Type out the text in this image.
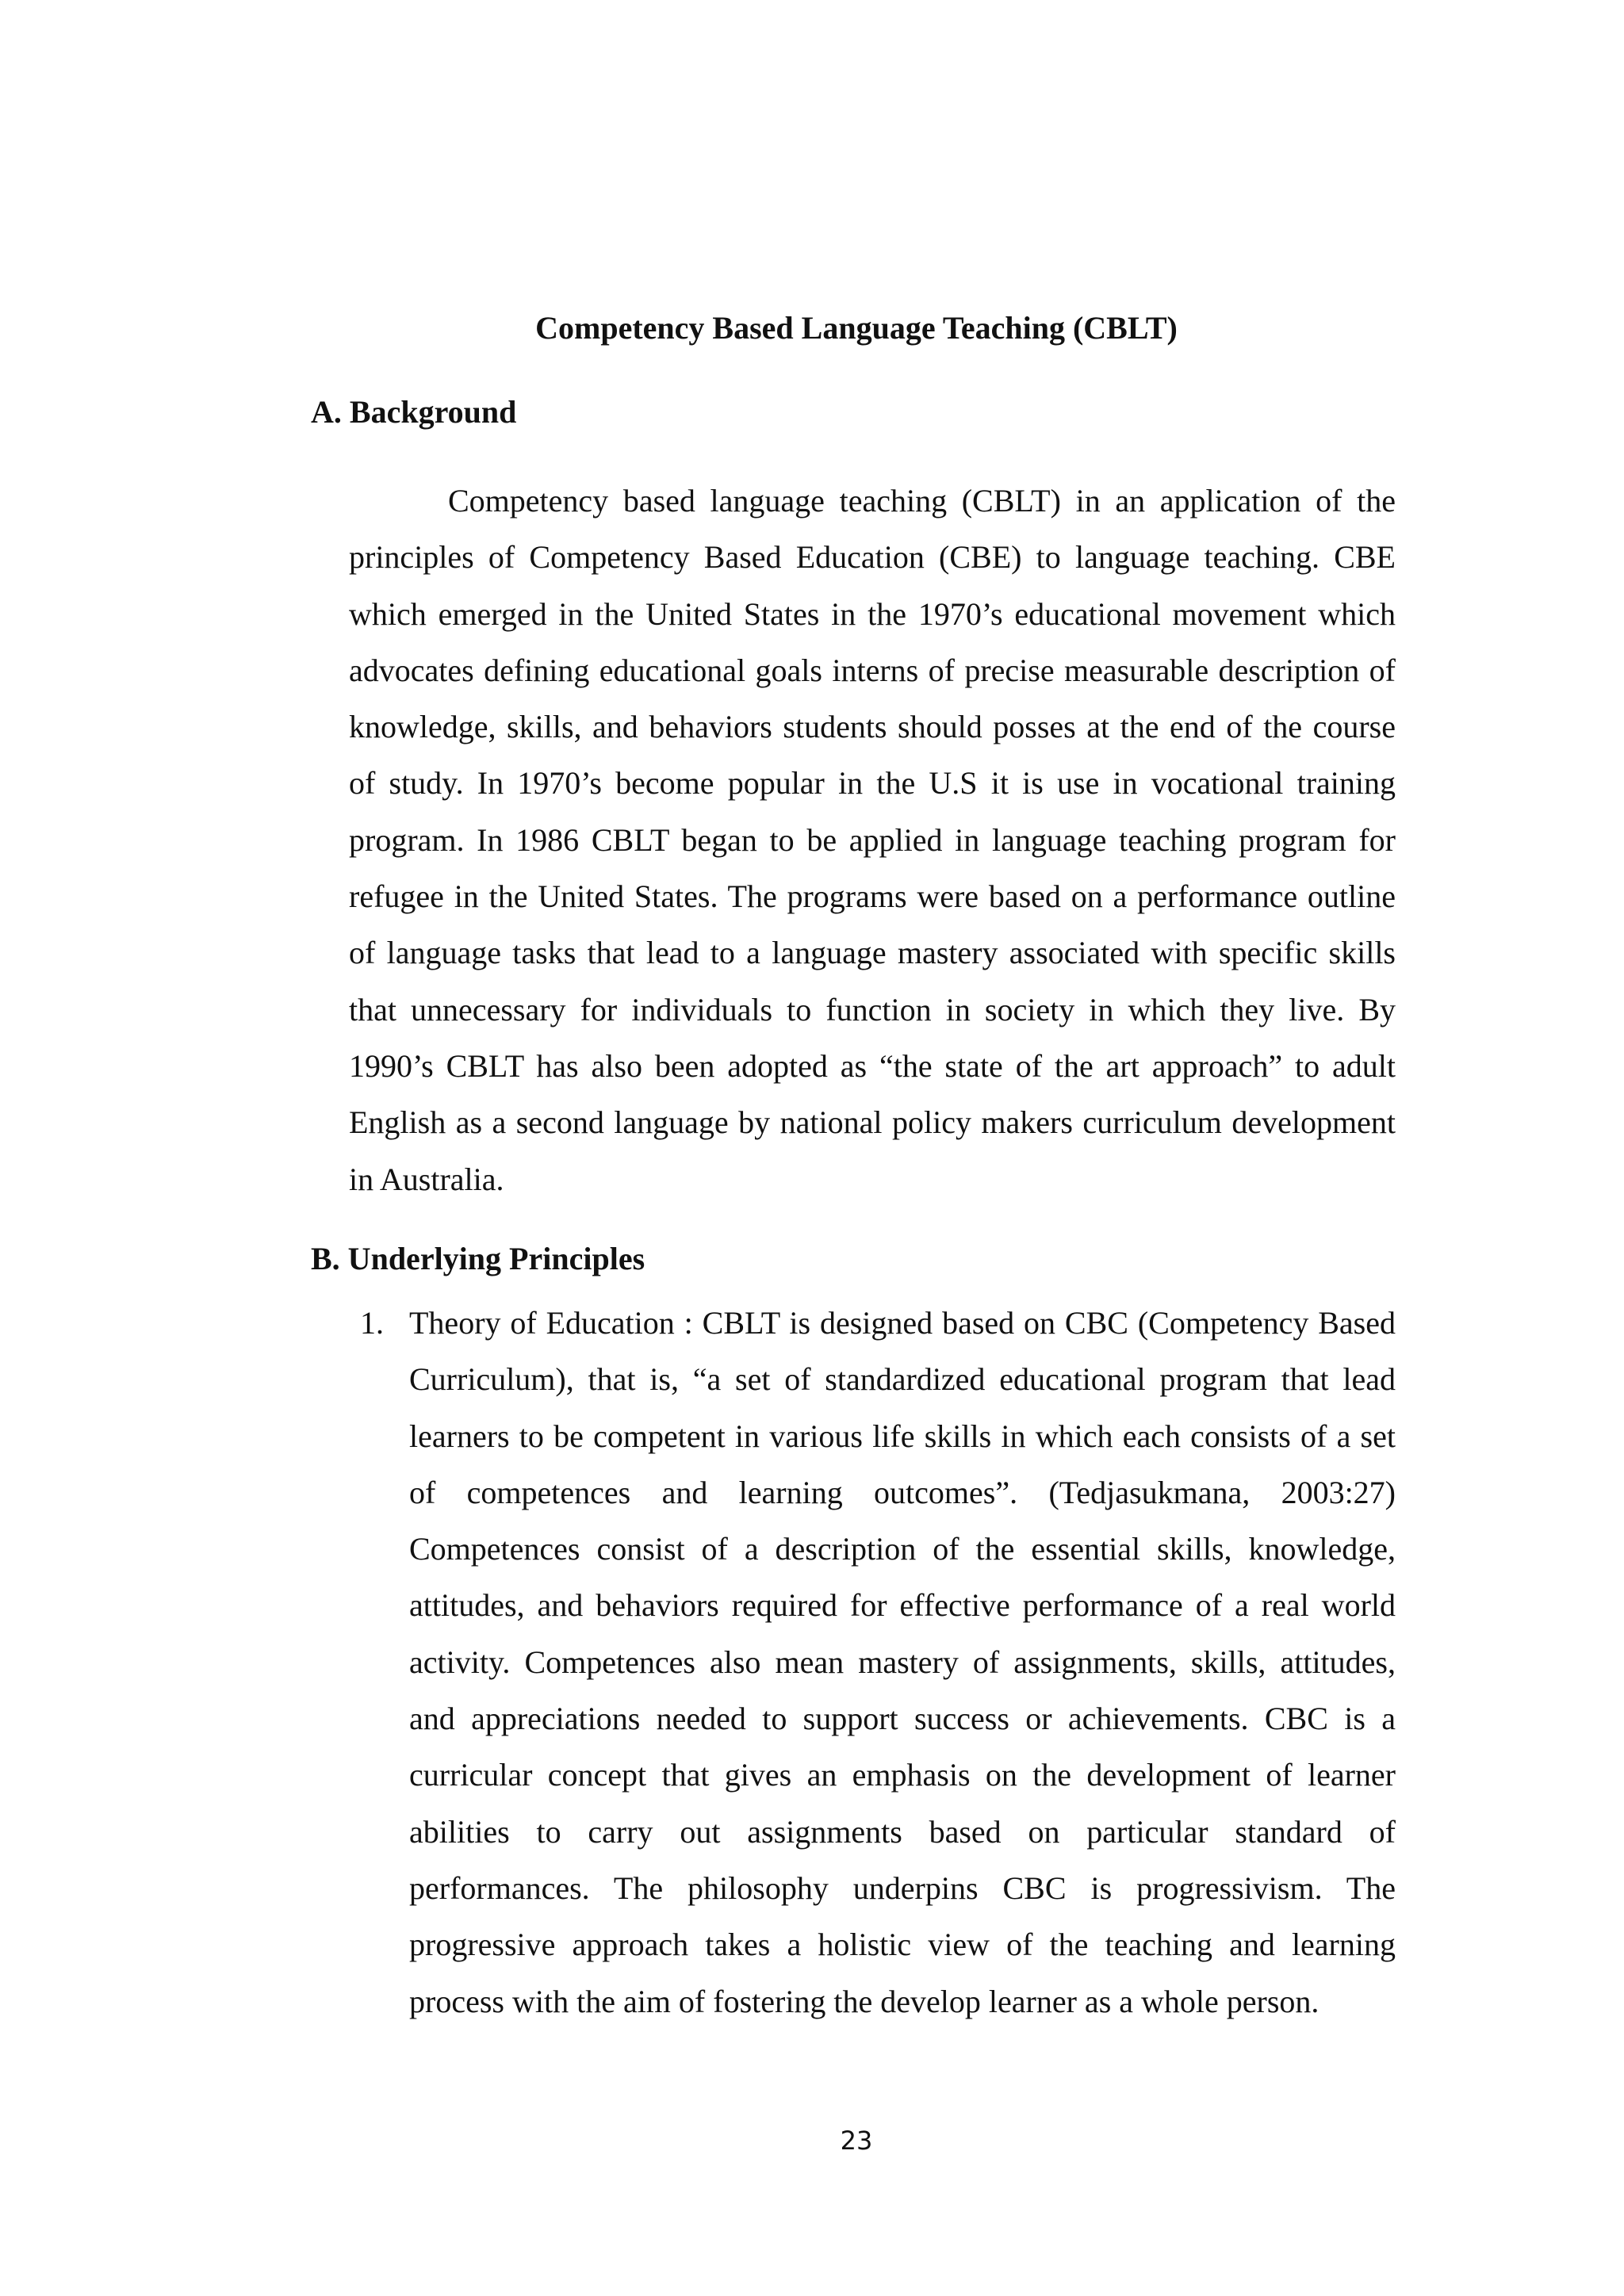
Competency Based Language Teaching (CBLT)
A. Background

Competency based language teaching (CBLT) in an application of the principles of Competency Based Education (CBE) to language teaching. CBE which emerged in the United States in the 1970’s educational movement which advocates defining educational goals interns of precise measurable description of knowledge, skills, and behaviors students should posses at the end of the course of study. In 1970’s become popular in the U.S it is use in vocational training program. In 1986 CBLT began to be applied in language teaching program for refugee in the United States. The programs were based on a performance outline of language tasks that lead to a language mastery associated with specific skills that unnecessary for individuals to function in society in which they live. By 1990’s CBLT has also been adopted as “the state of the art approach” to adult English as a second language by national policy makers curriculum development in Australia.

B. Underlying Principles
1. Theory of Education : CBLT is designed based on CBC (Competency Based Curriculum), that is, “a set of standardized educational program that lead learners to be competent in various life skills in which each consists of a set of competences and learning outcomes”. (Tedjasukmana, 2003:27) Competences consist of a description of the essential skills, knowledge, attitudes, and behaviors required for effective performance of a real world activity. Competences also mean mastery of assignments, skills, attitudes, and appreciations needed to support success or achievements. CBC is a curricular concept that gives an emphasis on the development of learner abilities to carry out assignments based on particular standard of performances. The philosophy underpins CBC is progressivism. The progressive approach takes a holistic view of the teaching and learning process with the aim of fostering the develop learner as a whole person.
23
